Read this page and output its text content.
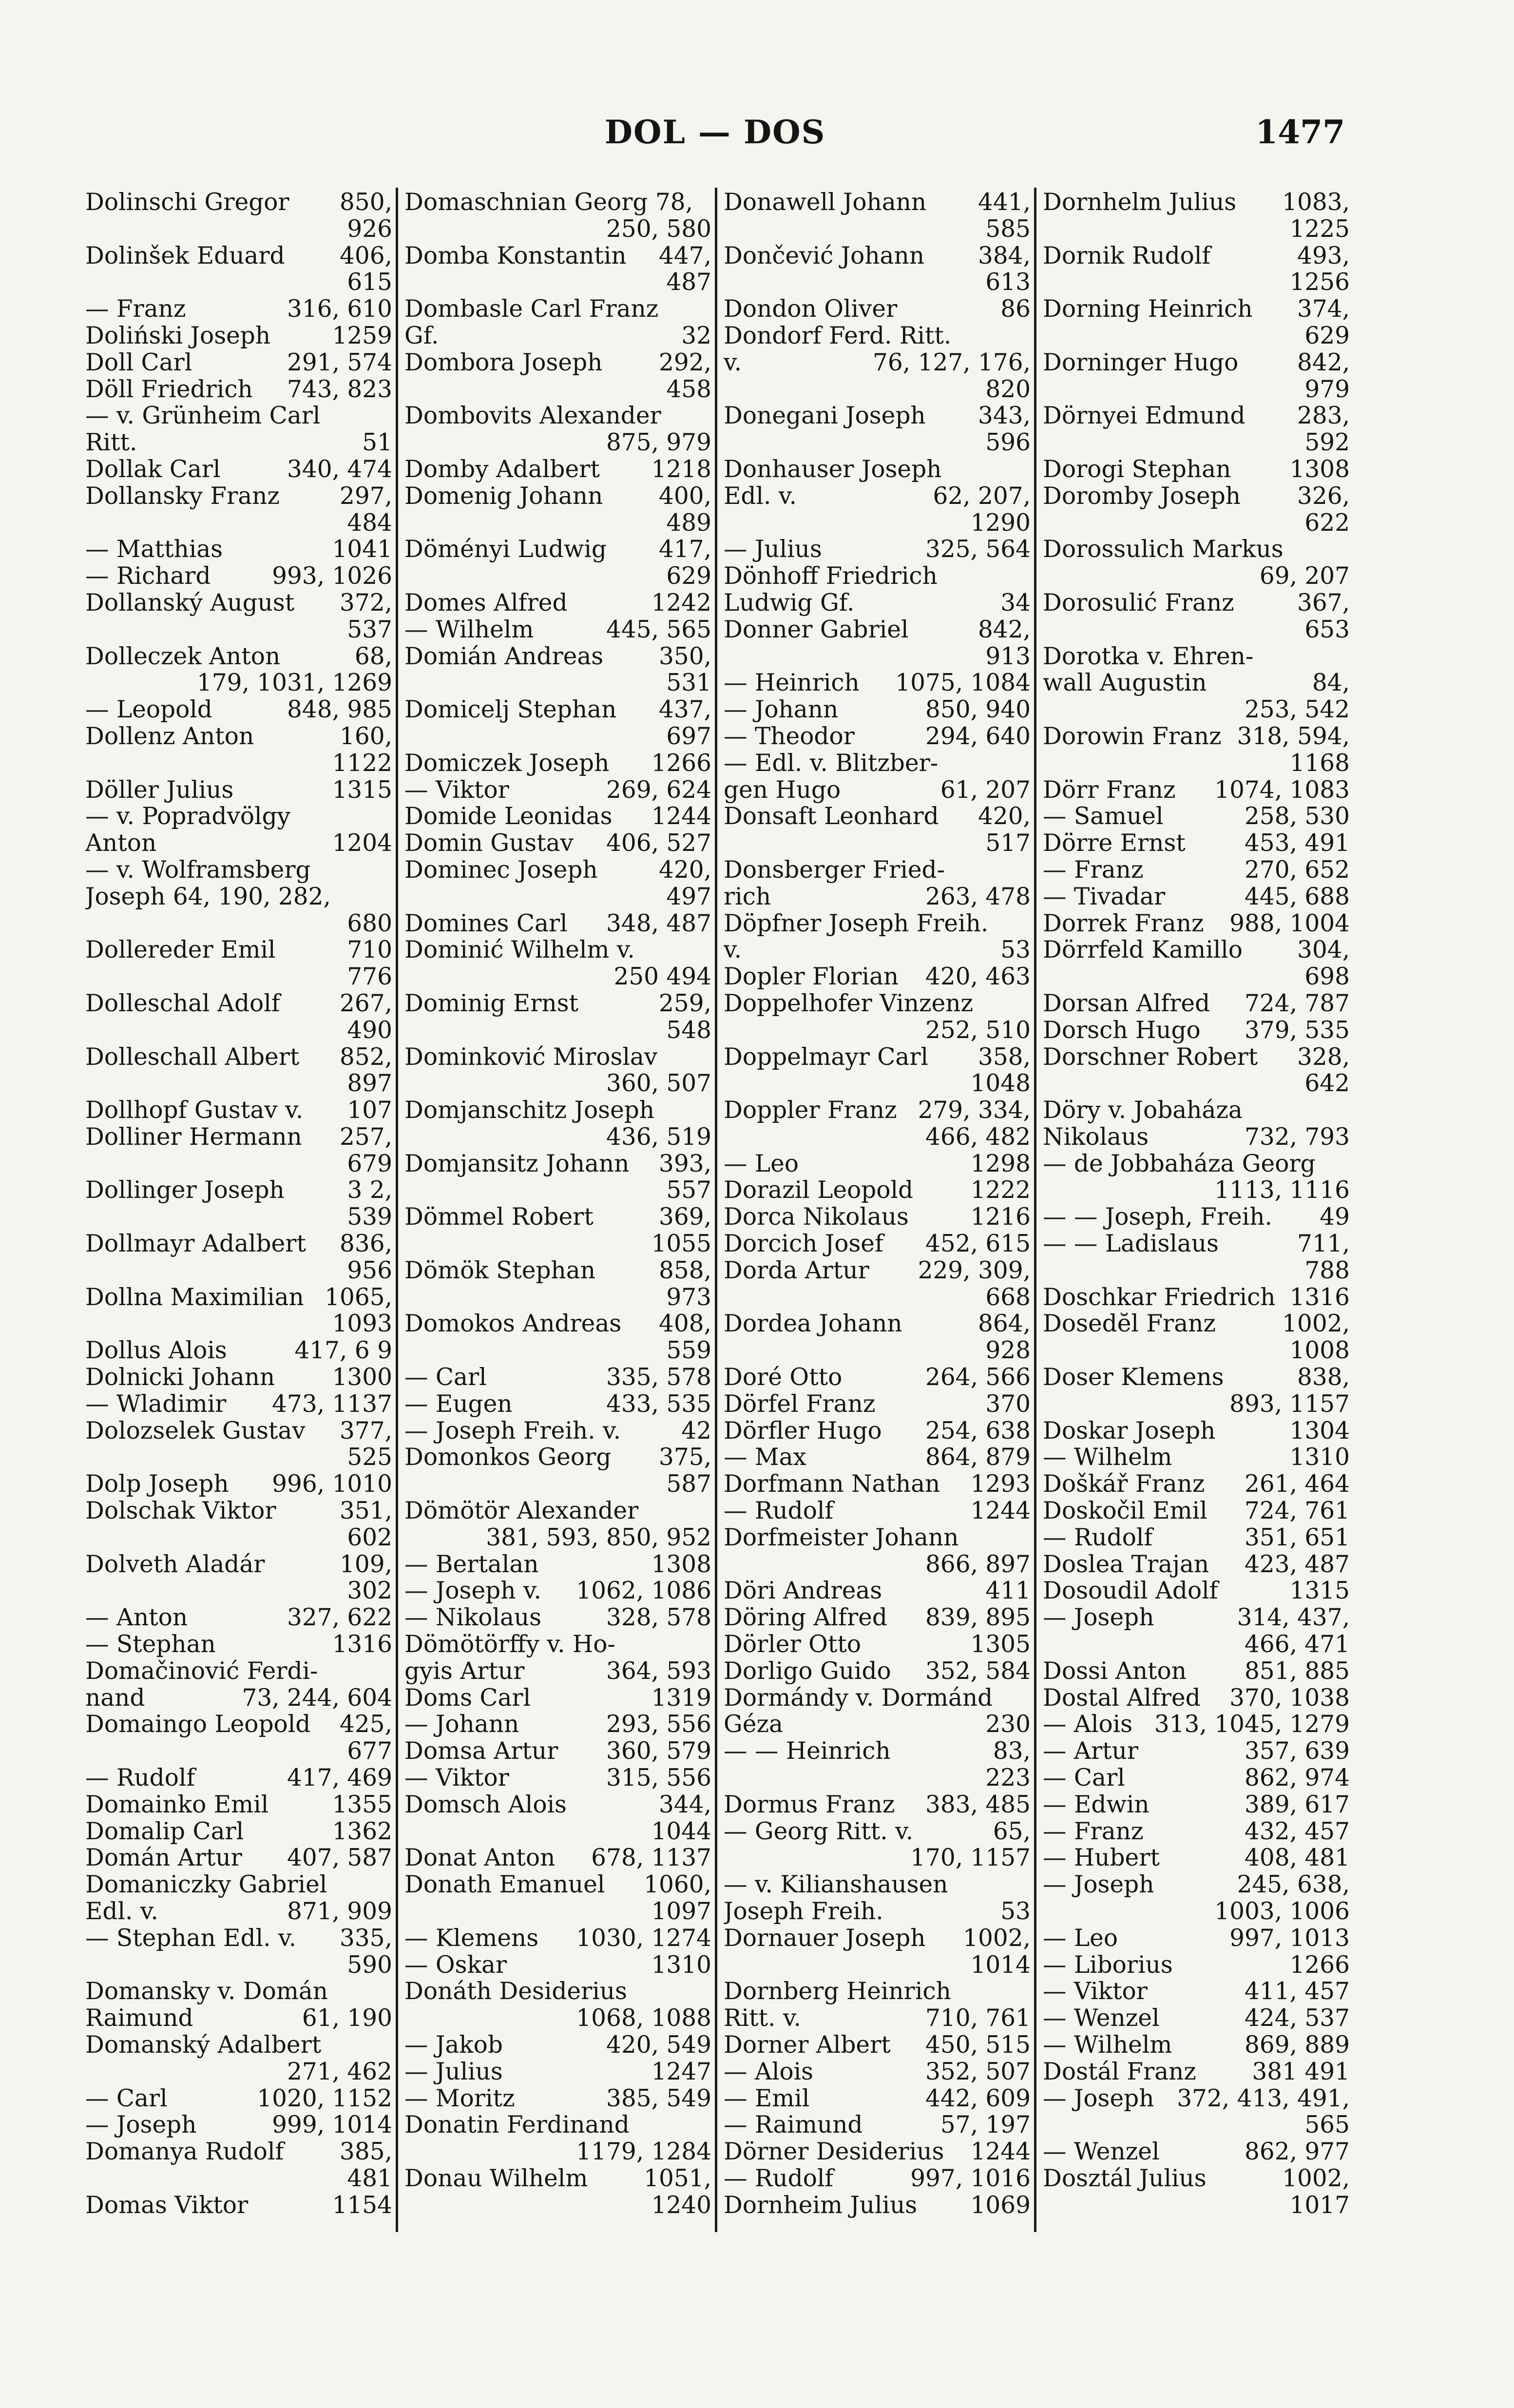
DOL — DOS	1477
Dolinschi Gregor 850,
926
Dolinšek Eduard 406,
615
— Franz	316, 610
Doliński Joseph	1259
Doll Carl	291, 574
Döll Friedrich 743, 823
— v. Grünheim Carl
Ritt.	51
Dollak Carl	340, 474
Dollansky Franz	297,
484
— Matthias	1041
— Richard	993, 1026
Dollanský August 372,
537
Dolleczek Anton	68,
179, 1031, 1269
— Leopold	848, 985
Dollenz Anton	160,
1122
Döller Julius	1315
— v. Popradvölgy
Anton	1204
— v. Wolframsberg
Joseph 64, 190, 282,
680
Dollereder Emil	710
776
Dolleschal Adolf	267,
490
Dolleschall Albert 852,
897
Dollhopf Gustav v. 107
Dolliner Hermann 257,
679
Dollinger Joseph	3 2,
539
Dollmayr Adalbert 836,
956
Dollna Maximilian 1065,
1093
Dollus Alois	417, 6 9
Dolnicki Johann 1300
— Wladimir 473, 1137
Dolozselek Gustav 377,
525
Dolp Joseph 996, 1010
Dolschak Viktor	351,
602
Dolveth Aladár	109,
302
— Anton	327, 622
— Stephan	1316
Domačinović Ferdi-
nand	73, 244, 604
Domaingo Leopold 425,
677
— Rudolf	417, 469
Domainko Emil	1355
Domalip Carl	1362
Domán Artur 407, 587
Domaniczky Gabriel
Edl. v.	871, 909
— Stephan Edl. v. 335,
590
Domansky v. Domán
Raimund	61, 190
Domanský Adalbert
271, 462
— Carl	1020, 1152
— Joseph	999, 1014
Domanya Rudolf 385,
481
Domas Viktor	1154
Domaschnian Georg 78,
250, 580
Domba Konstantin 447,
487
Dombasle Carl Franz
Gf.	32
Dombora Joseph 292,
458
Dombovits Alexander
875, 979
Domby Adalbert 1218
Domenig Johann 400,
489
Döményi Ludwig 417,
629
Domes Alfred	1242
— Wilhelm	445, 565
Domián Andreas 350,
531
Domicelj Stephan 437,
697
Domiczek Joseph 1266
— Viktor	269, 624
Domide Leonidas 1244
Domin Gustav 406, 527
Dominec Joseph	420,
497
Domines Carl 348, 487
Dominić Wilhelm v.
250 494
Dominig Ernst	259,
548
Dominković Miroslav
360, 507
Domjanschitz Joseph
436, 519
Domjansitz Johann 393,
557
Dömmel Robert	369,
1055
Dömök Stephan	858,
973
Domokos Andreas 408,
559
— Carl	335, 578
— Eugen	433, 535
— Joseph Freih. v.	42
Domonkos Georg 375,
587
Dömötör Alexander
381, 593, 850, 952
— Bertalan	1308
— Joseph v. 1062, 1086
— Nikolaus	328, 578
Dömötörffy v. Ho-
gyis Artur	364, 593
Doms Carl	1319
— Johann	293, 556
Domsa Artur 360, 579
— Viktor	315, 556
Domsch Alois	344,
1044
Donat Anton 678, 1137
Donath Emanuel 1060,
1097
— Klemens 1030, 1274
— Oskar	1310
Donáth Desiderius
1068, 1088
— Jakob	420, 549
— Julius	1247
— Moritz	385, 549
Donatin Ferdinand
1179, 1284
Donau Wilhelm 1051,
1240
Donawell Johann 441,
585
Dončević Johann 384,
613
Dondon Oliver	86
Dondorf Ferd. Ritt.
v.	76, 127, 176,
820
Donegani Joseph 343,
596
Donhauser Joseph
Edl. v.	62, 207,
1290
— Julius	325, 564
Dönhoff Friedrich
Ludwig Gf.	34
Donner Gabriel	842,
913
— Heinrich 1075, 1084
— Johann	850, 940
— Theodor	294, 640
— Edl. v. Blitzber-
gen Hugo	61, 207
Donsaft Leonhard 420,
517
Donsberger Fried-
rich	263, 478
Döpfner Joseph Freih.
v.	53
Dopler Florian 420, 463
Doppelhofer Vinzenz
252, 510
Doppelmayr Carl 358,
1048
Doppler Franz 279, 334,
466, 482
— Leo	1298
Dorazil Leopold 1222
Dorca Nikolaus	1216
Dorcich Josef 452, 615
Dorda Artur 229, 309,
668
Dordea Johann	864,
928
Doré Otto	264, 566
Dörfel Franz	370
Dörfler Hugo 254, 638
— Max	864, 879
Dorfmann Nathan 1293
— Rudolf	1244
Dorfmeister Johann
866, 897
Döri Andreas	411
Döring Alfred 839, 895
Dörler Otto	1305
Dorligo Guido 352, 584
Dormándy v. Dormánd
Géza	230
— — Heinrich	83,
223
Dormus Franz 383, 485
— Georg Ritt. v.	65,
170, 1157
— v. Kilianshausen
Joseph Freih.	53
Dornauer Joseph 1002,
1014
Dornberg Heinrich
Ritt. v.	710, 761
Dorner Albert 450, 515
— Alois	352, 507
— Emil	442, 609
— Raimund	57, 197
Dörner Desiderius 1244
— Rudolf	997, 1016
Dornheim Julius 1069
Dornhelm Julius 1083,
1225
Dornik Rudolf	493,
1256
Dorning Heinrich 374,
629
Dorninger Hugo 842,
979
Dörnyei Edmund 283,
592
Dorogi Stephan 1308
Dorombу Joseph 326,
622
Dorossulich Markus
69, 207
Dorosulić Franz	367,
653
Dorotka v. Ehren-
wall Augustin	84,
253, 542
Dorowin Franz 318, 594,
1168
Dörr Franz 1074, 1083
— Samuel	258, 530
Dörre Ernst 453, 491
— Franz	270, 652
— Tivadar	445, 688
Dorrek Franz 988, 1004
Dörrfeld Kamillo 304,
698
Dorsan Alfred 724, 787
Dorsch Hugo 379, 535
Dorschner Robert 328,
642
Döry v. Jobaháza
Nikolaus	732, 793
— de Jobbaháza Georg
1113, 1116
— — Joseph, Freih. 49
— — Ladislaus	711,
788
Doschkar Friedrich 1316
Dosedĕl Franz	1002,
1008
Doser Klemens	838,
893, 1157
Doskar Joseph	1304
— Wilhelm	1310
Doškář Franz 261, 464
Doskočil Emil 724, 761
— Rudolf	351, 651
Doslea Trajan 423, 487
Dosoudil Adolf	1315
— Joseph	314, 437,
466, 471
Dossi Anton 851, 885
Dostal Alfred 370, 1038
— Alois 313, 1045, 1279
— Artur	357, 639
— Carl	862, 974
— Edwin	389, 617
— Franz	432, 457
— Hubert	408, 481
— Joseph	245, 638,
1003, 1006
— Leo	997, 1013
— Liborius	1266
— Viktor	411, 457
— Wenzel	424, 537
— Wilhelm	869, 889
Dostál Franz 381 491
— Joseph 372, 413, 491,
565
— Wenzel	862, 977
Dosztál Julius	1002,
1017
